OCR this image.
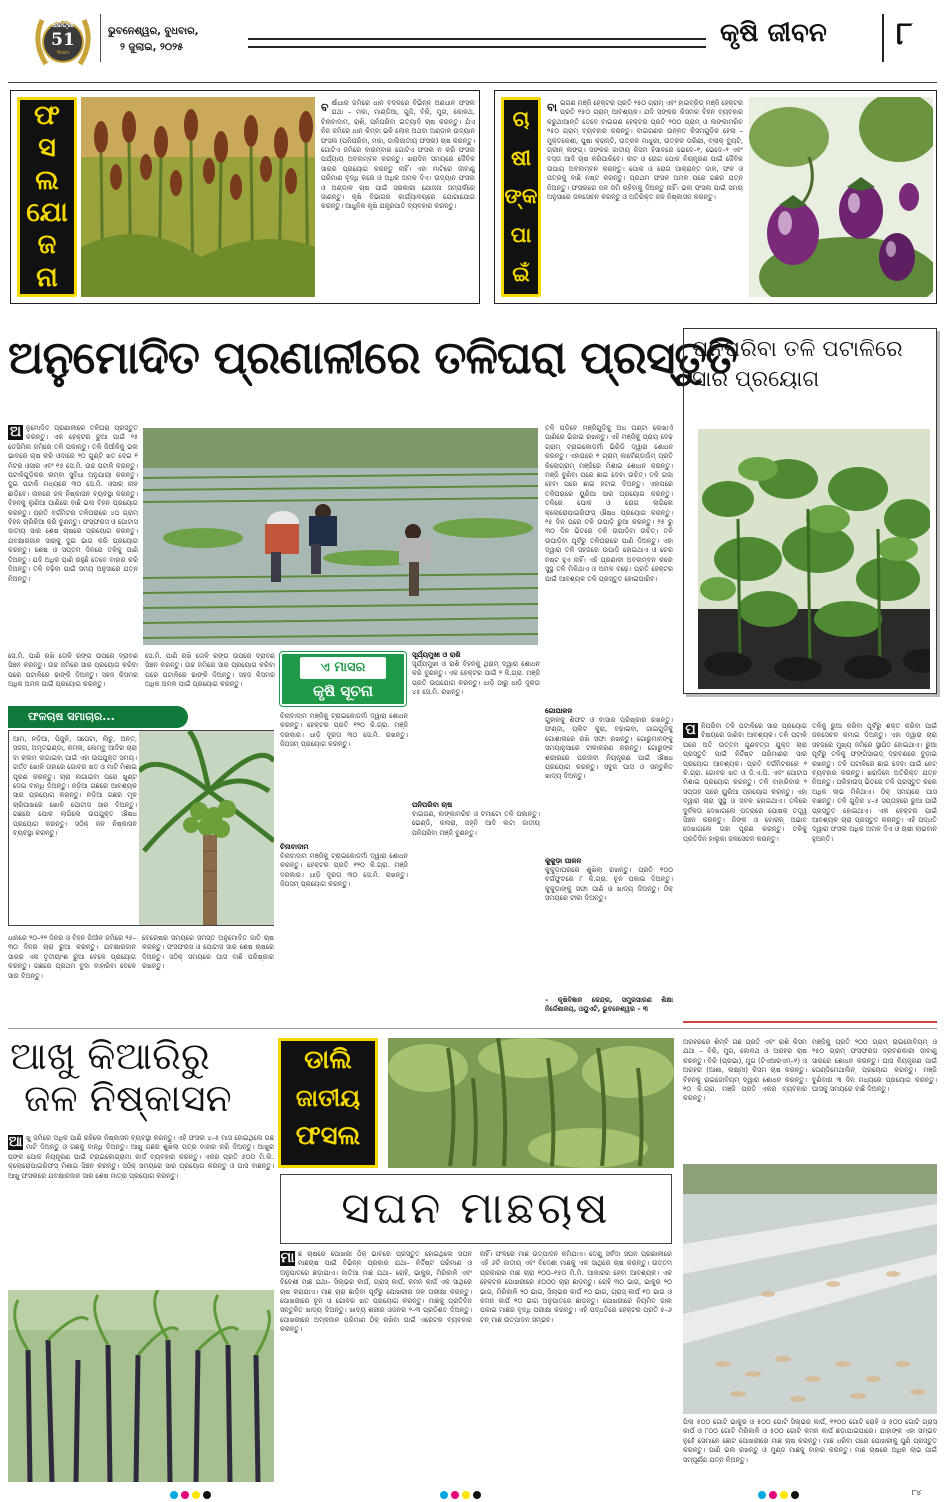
ଧରିତ୍ରୀ
51
Years
ଭୁବନେଶ୍ୱର, ବୁଧବାର,
୨ ଜୁଲାଇ, ୨୦୨୫	କୃଷି ଜୀବନ ୮
ଫ
ସ
ଲ
ଯୋ
ଜ
ନା
ବର୍ଷାଧାର ଜମିରେ ଧାନ ବଦଳରେ ବିଭିନ୍ନ ଅଣଧାନ ଫସଲ ଯଥା – ମକା, ମାଣ୍ଡିଆ, ଗୁଜି, ବିରି, ମୁଗ, କୋଳଥ, ଚିନାବାଦାମ, ରାଶି, ପନିପରିବା ଇତ୍ୟାଦି ଚାଷ କରନ୍ତୁ। ଯିଏ ନିଜ ଜମିରେ ଧାନ କିମ୍ବା ଭଳି ଲୋକ ଅଥବା ଅଣ୍ଡାଳ ଉଦ୍ୟାନ ଫସଲ (ପନିପରିବା, ମକା, ଡାଲିଜାତୀୟ ଫସଲ) ଚାଷ କରନ୍ତୁ। ଗୋଟିଏ ଜମିରେ ବାରମ୍ବାର ଗୋଟିଏ ଫସଲ ନ କରି ଫସଲ ପର୍ଯ୍ୟାୟ ଅବଲମ୍ବନ କରନ୍ତୁ। ଖରାଦିନ ସମୟରେ ଜୈବିକ ସାରର ପ୍ରୟୋଗ କରନ୍ତୁ ନାହିଁ। ଏହା ମାଟିରେ ଜୀବାଣୁ ପରିମାଣ ବୃଦ୍ଧି କରେ ଓ ଅଧିକ ଅମଳ ଦିଏ। ଉଦ୍ୟାନ ଫସଲ ଓ ଅଣ୍ଡାଳ ଚାଷ ପାଇଁ ସରକାରୀ ଯୋଜନା ସମ୍ପର୍କରେ ଜାଣନ୍ତୁ। କୃଷି ବିଭାଗର କାର୍ଯ୍ୟାଳୟରେ ଯୋଗାଯୋଗ କରନ୍ତୁ। ଆଧୁନିକ କୃଷି ଯନ୍ତ୍ରପାତି ବ୍ୟବହାର କରନ୍ତୁ।
ଚା
ଷୀ
ଙ୍କ
ପା
ଇଁ
ବାଇଗଣ ମଞ୍ଜି ହେକ୍ଟର ପ୍ରତି ୨୫୦ ଗ୍ରାମ୍ ଏବଂ ହାଇବ୍ରିଡ୍ ମଞ୍ଜି ହେକ୍ଟର ପ୍ରତି ୧୫୦ ଗ୍ରାମ୍ ଆବଶ୍ୟକ। ଯଦି ସଙ୍କର କିସମର ବିହନ ବ୍ୟବହାର କରୁଥାଆନ୍ତି ତେବେ ବାଇଗଣ ହେକ୍ଟର ପ୍ରତି ୨୦୦ ଗ୍ରାମ୍ ଓ ଲଙ୍କାମରିଚ ୨୫୦ ଗ୍ରାମ୍ ବ୍ୟବହାର କରନ୍ତୁ। ବାଇଗଣର ଉନ୍ନତ କିସମଗୁଡ଼ିକ ହେଲା – ମୁକ୍ତକେଶୀ, ପୁଷା କ୍ରାନ୍ତି, ଉତ୍କଳ ମାଧୁରୀ, ଉତ୍କଳ ତାରିଣୀ, ବ୍ଲାକ୍ ବ୍ୟୁଟି, ଗ୍ରୀନ୍ ଲଙ୍ଗ୍। ସଙ୍କର ଜାତୀୟ କିସମ ହିସାବରେ ଭେଦେ–୧, ଭେଦେ–୨ ଏବଂ ବସ୍ତା ଆଦି ଚାଷ କରିପାରିବେ। କୀଟ ଓ ରୋଗ ପୋକ ନିୟନ୍ତ୍ରଣ ପାଇଁ ଜୈବିକ ଉପାୟ ଅବଲମ୍ବନ କରନ୍ତୁ। ପୋକ ଓ ରୋଗ ଆକ୍ରାନ୍ତ ଡାଳ, ଫଳ ଓ ପତ୍ରକୁ ବାଛି ନଷ୍ଟ କରନ୍ତୁ। ପ୍ରଥମ ଫସଳ ଅମଳ ପରେ ଗଛର ଯତ୍ନ ନିଅନ୍ତୁ। ଫସଲରେ ଜଳ ଜମି ରହିବାକୁ ଦିଅନ୍ତୁ ନାହିଁ। ଭଲ ଫସଲ ପାଇଁ ସମୟ ଅନୁସାରେ ଜଳସେଚନ କରନ୍ତୁ ଓ ଅତିରିକ୍ତ ଜଳ ନିଷ୍କାସନ କରନ୍ତୁ।
ଅନୁମୋଦିତ ପ୍ରଣାଳୀରେ ତଳିଘରା ପ୍ରସ୍ତୁତି
ଅ ନୁମୋଦିତ ପ୍ରଣାଳୀରେ ତଳିଘରା ପ୍ରସ୍ତୁତ କରନ୍ତୁ। ଏକ ହେକ୍ଟର ରୁଆ ପାଇଁ ୨୫ ଡେସିମିଲ ଜମିରେ ତଳି ପକାନ୍ତୁ। ତଳି ଜିଆଁଳିକୁ ଭଲ ଭାବରେ ଚାଷ କରି ଓଦାରେ ୨୦ ଗୁଣ୍ଟି ଖତ ଦେଇ ୧ ମିଟର ଓସାର ଏବଂ ୧୫ ସେ.ମି. ଉଚ୍ଚ ପଟାଳି କରନ୍ତୁ। ପଟାଳିଗୁଡ଼ିକର ଲମ୍ବା ସୁବିଧା ଅନୁଯାୟୀ କରନ୍ତୁ। ଦୁଇ ପଟାଳି ମଧ୍ୟରେ ୩୦ ସେ.ମି. ଓସାର ନାଳ ଛାଡ଼ିବେ। ନାଳରେ ଜଳ ନିଷ୍କାସନ ବ୍ୟବସ୍ଥା କରନ୍ତୁ। ବିହନକୁ ଲୁଣିଆ ପାଣିରେ ବାଛି ଭଲ ବିହନ ପ୍ରୟୋଗ କରନ୍ତୁ। ପ୍ରତି ବର୍ଗମିଟର ତଳିଘରାରେ ୪୦ ଗ୍ରାମ୍ ବିହନ ଚାରିକିଆ କରି ବୁଣନ୍ତୁ। ଫସ୍‌ଫରସ ଓ ପୋଟାସ ଜାତୀୟ ସାର ଶେଷ ଚାଷରେ ପ୍ରୟୋଗ କରନ୍ତୁ। ଯବକ୍ଷାରଜାନ ସାରକୁ ଦୁଇ ଭାଗ କରି ପ୍ରୟୋଗ କରନ୍ତୁ। ଶେଷ ଓ ସପ୍ତମ ଦିନରେ ତଳିକୁ ପାଣି ଦିଅନ୍ତୁ। ଯଦି ଅଧିକ ପାଣି ରହୁଛି ତେବେ ବାହାର କରି ଦିଅନ୍ତୁ। ତଳି ବଢ଼ିବା ପାଇଁ ସମୟ ଅନୁସାରେ ଯତ୍ନ ନିଅନ୍ତୁ।
ସେ.ମି. ପାଣି ରଖି ତୋଳି ରଙ୍ଗ ଉପରେ ଦ୍ରାବଣ ସିଞ୍ଚନ କରନ୍ତୁ। ଉଚ୍ଚ ଜମିରେ ସାର ପ୍ରୟୋଗ କରିବା ପରେ ପଟାଳିରେ ଢାଙ୍କି ଦିଅନ୍ତୁ। ସହଜ କିସମର ଅଧିକ ଅମଳ ପାଇଁ ପ୍ରୟୋଗ କରନ୍ତୁ।
ସେ.ମି. ପାଣି ରଖି ତୋଳି ରଙ୍ଗ ଉପରେ ଦ୍ରାବଣ ସିଞ୍ଚନ କରନ୍ତୁ। ଉଚ୍ଚ ଜମିରେ ସାର ପ୍ରୟୋଗ କରିବା ପରେ ପଟାଳିରେ ଢାଙ୍କି ଦିଅନ୍ତୁ। ସହଜ କିସମର ଅଧିକ ଅମଳ ପାଇଁ ପ୍ରୟୋଗ କରନ୍ତୁ।
ତଳି ପଡ଼ିବେ ମଞ୍ଜିଗୁଡ଼ିକୁ ଅଧ ଘଣ୍ଟା ଲେଖାଏଁ ପାଣିରେ ଭିଜାଇ ରଖନ୍ତୁ। ଏହି ମଞ୍ଜିକୁ ପ୍ରାୟ ଦେଢ଼ ଗ୍ରାମ୍ ଟ୍ରାଇକୋଡର୍ମା ଭିରିଡି ଦ୍ୱାରା ଶୋଧନ କରନ୍ତୁ। ଏହାପରେ ୧ ଗ୍ରାମ୍ କାର୍ବେଣ୍ଡାଜିମ୍ ପ୍ରତି କିଲୋଗ୍ରାମ୍ ମଞ୍ଜିରେ ମିଶାଇ ଶୋଧନ କରନ୍ତୁ। ମଞ୍ଜି ବୁଣିବା ପରେ ଛାଇ ଦେବା ଉଚିତ୍। ତଳି ଗଜା ହେବା ପରେ ଛାଇ ହଟାଇ ଦିଅନ୍ତୁ। ଏହାପରେ ତଳିଘରାରେ ୟୁରିଆ ସାର ପ୍ରୟୋଗ କରନ୍ତୁ। ତଳିରେ ପୋକ ଓ ରୋଗ ଲାଗିଲେ କ୍ଲୋରୋପାଇରିଫସ୍ ଔଷଧ ପ୍ରୟୋଗ କରନ୍ତୁ। ୨୫ ଦିନ ପରେ ତଳି ଉପାଡ଼ି ରୁଆ କରନ୍ତୁ। ୨୫ ରୁ ୩୦ ଦିନ ଭିତରେ ତଳି ଉପାଡ଼ିବା ଉଚିତ୍। ତଳି ଉପାଡ଼ିବା ପୂର୍ବରୁ ତଳିଘରାରେ ପାଣି ଦିଅନ୍ତୁ। ଏହା ଦ୍ୱାରା ତଳି ସହଜରେ ଉପାଡ଼ି ହୋଇଥାଏ ଓ ଚେର ନଷ୍ଟ ହୁଏ ନାହିଁ। ଏହି ପ୍ରଣାଳୀ ଅବଲମ୍ବନ କଲେ ସୁସ୍ଥ ତଳି ମିଳିଥାଏ ଓ ଅମଳ ବଢ଼େ। ପ୍ରତି ହେକ୍ଟର ପାଇଁ ଆବଶ୍ୟକ ତଳି ପ୍ରସ୍ତୁତ ହୋଇପାରିବ।
ଗୋପାଳନ
ଗୁହାଳକୁ ଶିଫଟ ଓ ବାସାର ପରିଷ୍କାର ରଖନ୍ତୁ। ଫଣ୍ଡା, ପ୍ଲିଟ କୁରା, ବଢ଼ାଇବା, ଗାଇଗୁଡ଼ିକୁ ଗୋଶାଳାରେ ରଖି ସଫା ରଖନ୍ତୁ। ଗୋରୁମାନଙ୍କୁ ସମୟାନୁସାରେ ଟୀକାକରଣ କରନ୍ତୁ। ଗୋରୁଙ୍କ ଶରୀରରେ ପରଜୀବୀ ନିୟନ୍ତ୍ରଣ ପାଇଁ ଔଷଧ ପ୍ରୟୋଗ କରନ୍ତୁ। ସବୁଜ ଘାସ ଓ ସନ୍ତୁଳିତ ଖାଦ୍ୟ ଦିଅନ୍ତୁ।
କୁକୁଡ଼ା ପାଳନ
କୁକୁଡ଼ାଘରରେ ଶୁଖିଲା ରଖନ୍ତୁ। ପ୍ରତି ୧୦୦ ବର୍ଗଫୁଟରେ ୮ କି.ଗ୍ରା. ଚୂନ ପକାଇ ଦିଅନ୍ତୁ। କୁକୁଡ଼ାଙ୍କୁ ସଫା ପାଣି ଓ ଖାଦ୍ୟ ଦିଅନ୍ତୁ। ଠିକ୍ ସମୟରେ ଟୀକା ଦିଅନ୍ତୁ।
– କୃଷିବିଜ୍ଞାନ କେନ୍ଦ୍ର, ସମ୍ପ୍ରସାରଣ ଶିକ୍ଷା ନିର୍ଦ୍ଦେଶାଳୟ, ଓୟୁଏଟି, ଭୁବନେଶ୍ୱର – ୩
ଏ ମାସର
କୃଷି ସୂଚନା
ସୂର୍ଯ୍ୟମୁଖୀ ଓ ରାଶି
ସୂର୍ଯ୍ୟମୁଖୀ ଓ ରାଶି ବିହନକୁ ଥିରାମ୍ ଦ୍ୱାରା ଶୋଧନ କରି ବୁଣନ୍ତୁ। ଏକ ହେକ୍ଟର ପାଇଁ ୨ କି.ଗ୍ରା. ମଞ୍ଜି ପ୍ରତି ଉପଯୋଗ କରନ୍ତୁ। ଧାଡ଼ି ଠାରୁ ଧାଡ଼ି ଦୂରତା ୪୫ ସେ.ମି. ରଖନ୍ତୁ।
ପନିପରିବା ଚାଷ
ବାଇଗଣ, ଲଙ୍କାମରିଚ ଓ ଟମାଟୋ ତଳି ପକାନ୍ତୁ। ଭେଣ୍ଡି, କଲରା, ଜହ୍ନି ଆଦି ଲଟା ଜାତୀୟ ପନିପରିବା ମଞ୍ଜି ବୁଣନ୍ତୁ।
ଚିନାବାଦାମ ମଞ୍ଜିକୁ ଟ୍ରାଇକୋଡର୍ମା ଦ୍ୱାରା ଶୋଧନ କରନ୍ତୁ। ହେକ୍ଟର ପ୍ରତି ୧୨୦ କି.ଗ୍ରା. ମଞ୍ଜି ଦରକାର। ଧାଡ଼ି ଦୂରତା ୩୦ ସେ.ମି. ରଖନ୍ତୁ। ଜିପସମ୍ ପ୍ରୟୋଗ କରନ୍ତୁ।
ଚିନାବାଦାମ
ଚିନାବାଦାମ ମଞ୍ଜିକୁ ଟ୍ରାଇକୋଡର୍ମା ଦ୍ୱାରା ଶୋଧନ କରନ୍ତୁ। ହେକ୍ଟର ପ୍ରତି ୧୨୦ କି.ଗ୍ରା. ମଞ୍ଜି ଦରକାର। ଧାଡ଼ି ଦୂରତା ୩୦ ସେ.ମି. ରଖନ୍ତୁ। ଜିପସମ୍ ପ୍ରୟୋଗ କରନ୍ତୁ।
ଫଳଚାଷ ସମାଚାର...
ଆମ, ନଡ଼ିଆ, ପିଜୁଳି, ସପେଟା, ଲିଚୁ, ଅନ୍ତ, ସଜନା, ଅମୃତଭଣ୍ଡା, କମଳା, ଲେମ୍ବୁ ଆଦିର ଚାରା ବା କଲମ ଲଗାଇବା ପାଇଁ ଏହା ଉପଯୁକ୍ତ ସମୟ। ଗର୍ତ୍ତ ଖୋଳି ତାହାରେ ଗୋବର ଖତ ଓ ମାଟି ମିଶାଇ ପୂରଣ କରନ୍ତୁ। ଚାରା ଲଗାଇବା ପରେ ଖୁଣ୍ଟ ଦେଇ ବାନ୍ଧି ଦିଅନ୍ତୁ। ନଡ଼ିଆ ଗଛରେ ଆବଶ୍ୟକ ସାର ପ୍ରୟୋଗ କରନ୍ତୁ। ନଡ଼ିଆ ଗଛର ମୂଳ ଚାରିପାଖରେ ଖୋଳି ପୋଟାସ ସାର ଦିଅନ୍ତୁ। ଗଛରେ ପୋକ ଲାଗିଲେ ଉପଯୁକ୍ତ ଔଷଧ ପ୍ରୟୋଗ କରନ୍ତୁ। ସଠିକ୍ ଜଳ ନିଷ୍କାସନ ବ୍ୟବସ୍ଥା କରନ୍ତୁ।
ଧାନରେ ୨୦–୨୨ ଦିନର ଓ ବିହନ ଜିଆଁଳ ଜମିରେ ୨୫–୩୦ ଦିନର ଚାରା ରୁଆ କରନ୍ତୁ। ଯବକ୍ଷାରଜାନ ସାରର ଏକ ତୃତୀୟାଂଶ ରୁଆ ବେଳେ ପ୍ରୟୋଗ କରନ୍ତୁ। ଗଛରେ ପ୍ରଥମ ବୁଦା ବାହାରିବା ବେଳେ ସାର ଦିଅନ୍ତୁ।
ବେରେଷର ସମୟରେ ସମସ୍ତ ଅନୁମୋଦିତ ଜାତି ଚାଷ କରନ୍ତୁ। ଫସଫରସ ଓ ପୋଟାସ ସାର ଶେଷ ଚାଷରେ ଦିଅନ୍ତୁ। ସଠିକ୍ ସମୟରେ ଘାସ ବାଛି ପରିଷ୍କାର ରଖନ୍ତୁ।
ପନିପରିବା ତଳି ପଟାଳିରେ
ସାର ପ୍ରୟୋଗ
ପ ନିପରିବା ତଳି ପଟାଳିରେ ସାର ପ୍ରୟୋଗ ବିଷୟରେ ଜାଣିବା ଆବଶ୍ୟକ। ତଳି ପଟାଳି ଘରେ ଅତି ଉତ୍ତମ ଗୁଣବତ୍ତା ଯୁକ୍ତ ଚାରା ପ୍ରସ୍ତୁତି ପାଇଁ ନିର୍ଦ୍ଦିଷ୍ଟ ପରିମାଣର ସାର ପ୍ରୟୋଗ ଆବଶ୍ୟକ। ପ୍ରତି ବର୍ଗମିଟରରେ ୨ କି.ଗ୍ରା. ଗୋବର ଖତ ଓ ଡି.ଏ.ପି. ଏବଂ ପୋଟାସ ମିଶାଇ ପ୍ରୟୋଗ କରନ୍ତୁ। ତଳି ବାହାରିବାର ୨ ସପ୍ତାହ ପରେ ୟୁରିଆ ପ୍ରୟୋଗ କରନ୍ତୁ। ଏହା ଦ୍ୱାରା ଚାରା ସୁସ୍ଥ ଓ ସବଳ ହୋଇଥାଏ। ତଳିରେ ଦୁର୍ବଳତା ଦେଖାଗଲେ ପତ୍ରରେ ପୋଷକ ତତ୍ତ୍ୱ ସିଞ୍ଚନ କରନ୍ତୁ। ଜିଙ୍କ ଓ ବୋରନ୍ ଅଭାବ ଦେଖାଗଲେ ତାହା ପୂରଣ କରନ୍ତୁ। ତଳିକୁ ପ୍ରତିଦିନ ହାଲୁକା ଜଳସେଚନ କରନ୍ତୁ।
ତଳିକୁ ରୁଆ କରିବା ପୂର୍ବରୁ ଶକ୍ତ କରିବା ପାଇଁ ଜଳସେଚନ କମାଇ ଦିଅନ୍ତୁ। ଏହା ଦ୍ୱାରା ଚାରା ସହଜରେ ମୁଖ୍ୟ ଜମିରେ ସ୍ଥାପିତ ହୋଇଥାଏ। ରୁଆ ପୂର୍ବରୁ ତଳିକୁ ଫଙ୍ଗିସାଇଡ୍ ଦ୍ରବଣରେ ବୁଡ଼ାଇ ରଖନ୍ତୁ। ତଳି ପଟାଳିରେ ଛାଇ ଦେବା ପାଇଁ ନେଟ୍ ବ୍ୟବହାର କରନ୍ତୁ। ଖରାଦିନେ ଅତିରିକ୍ତ ଯତ୍ନ ନିଅନ୍ତୁ। ପଲିହାଉସ୍ ଭିତରେ ତଳି ପ୍ରସ୍ତୁତ କଲେ ଅଧିକ ଲାଭ ମିଳିଥାଏ। ଠିକ୍ ସମୟରେ ଘାସ ବାଛନ୍ତୁ। ତଳି ଗୁଡ଼ିକ ୪–୫ ସପ୍ତାହରେ ରୁଆ ପାଇଁ ପ୍ରସ୍ତୁତ ହୋଇଥାଏ। ଏକ ହେକ୍ଟର ପାଇଁ ଆବଶ୍ୟକ ଚାରା ପ୍ରସ୍ତୁତ କରନ୍ତୁ। ଏହି ପଦ୍ଧତି ଦ୍ୱାରା ଫସଲ ଅଧିକ ଅମଳ ଦିଏ ଓ ଚାଷୀ ଲାଭବାନ ହୁଅନ୍ତି।
ଆଖୁ କିଆରିରୁ
ଜଳ ନିଷ୍କାସନ
ଆ ଖୁ ଜମିରେ ଅଧିକ ପାଣି ରହିଲେ ନିଷ୍କାସନ ବ୍ୟବସ୍ଥା କରନ୍ତୁ। ଏହି ଫସଲ ୪–୫ ମାସ ହୋଇଥିଲେ ଗଛ ମାଟି ଦିଅନ୍ତୁ ଓ ଗଛକୁ ବାନ୍ଧି ଦିଅନ୍ତୁ। ଆଖୁ ଗଛର ଶୁଖିଲା ପତ୍ର ବାହାର କରି ଦିଅନ୍ତୁ। ଆଖୁର ପଙ୍କ ପୋକ ନିୟନ୍ତ୍ରଣ ପାଇଁ ଟ୍ରାଇକୋଗ୍ରାମା କାର୍ଡ ବ୍ୟବହାର କରନ୍ତୁ। ଏକର ପ୍ରତି ୫୦୦ ମି.ଲି. କ୍ଲୋରୋପାଇରିଫସ୍ ମିଶାଇ ସିଞ୍ଚନ କରନ୍ତୁ। ସଠିକ୍ ସମୟରେ ସାର ପ୍ରୟୋଗ କରନ୍ତୁ ଓ ଘାସ ବାଛନ୍ତୁ। ଆଖୁ ଫସଲରେ ଯବକ୍ଷାରଜାନ ସାର ଶେଷ ମାତ୍ରା ପ୍ରୟୋଗ କରନ୍ତୁ।
ଡାଲି
ଜାତୀୟ
ଫସଲ
ଅରହରରେ ଶିମ୍ବି ଗଛ ପ୍ରତି ଏବଂ ରାଶି କିସମ ଯଥା – ବିରି, ମୁଗ, କୋଳଥ ଓ ଅରହର ଚାଷ କରନ୍ତୁ। ବିରି (ପ୍ରଭା), ମୁଗ (ଟିଏଆରଏମ୍–୧) ଓ ଅରହର (ଆଶା, ଲକ୍ଷ୍ମୀ) କିସମ ଚାଷ କରନ୍ତୁ। ବିହନକୁ ରାଇଜୋବିୟମ୍ ଦ୍ୱାରା ଶୋଧନ କରନ୍ତୁ। ୧୦ କି.ଗ୍ରା. ମଞ୍ଜି ପ୍ରତି ଏକର ବ୍ୟବହାର କରନ୍ତୁ।
ମଞ୍ଜିକୁ ପ୍ରତି ୨୦୦ ଗ୍ରାମ୍ ରାଇଜୋବିୟମ୍ ଓ ୨୫୦ ଗ୍ରାମ୍ ଫସଫରସ ଦ୍ରବଣକାରୀ ଜୀବାଣୁ ସାରରେ ଶୋଧନ କରନ୍ତୁ। ଘାସ ନିୟନ୍ତ୍ରଣ ପାଇଁ ପେଣ୍ଡିମେଥାଲିନ୍ ପ୍ରୟୋଗ କରନ୍ତୁ। ମଞ୍ଜି ବୁଣିବାର ୩ ଦିନ ମଧ୍ୟରେ ପ୍ରୟୋଗ କରନ୍ତୁ। ଘାସକୁ ସମୟରେ ବାଛି ଦିଅନ୍ତୁ।
ସଘନ ମାଛଚାଷ
ମା ଛ ଚାଷରେ ପୋଖରୀ ଠିକ୍ ଭାବରେ ପ୍ରସ୍ତୁତ ହୋଇଥିଲେ ସଘନ ମାଛଚାଷ ପାଇଁ ବିଭିନ୍ନ ପ୍ରକାର ଯଥା– ନିର୍ଦ୍ଦିଷ୍ଟ ପରିମାଣ ଓ ଅନୁପାତରେ ଛଡ଼ାଯାଏ। ଜାତିଆ ମାଛ ଯଥା– ରୋହି, ଭାକୁର, ମିରିକାଳି ଏବଂ ବିଦେଶୀ ମାଛ ଯଥା– ସିଲ୍ଭର କାର୍ପ, ଗ୍ରାସ୍ କାର୍ପ, କମନ କାର୍ପ ଏକ ସାଥିରେ ଚାଷ କରାଯାଏ। ମାଛ ଚାରା ଛାଡ଼ିବା ପୂର୍ବରୁ ପୋଖରୀର ଜଳ ପରୀକ୍ଷା କରନ୍ତୁ। ପୋଖରୀରେ ଚୂନ ଓ ଗୋବର ଖତ ପ୍ରୟୋଗ କରନ୍ତୁ। ମାଛକୁ ପ୍ରତିଦିନ ସନ୍ତୁଳିତ ଖାଦ୍ୟ ଦିଅନ୍ତୁ। ଖାଦ୍ୟ ଶରୀର ଓଜନର ୨–୩ ପ୍ରତିଶତ ଦିଅନ୍ତୁ। ପୋଖରୀରେ ଅମ୍ଳଜାନ ପରିମାଣ ଠିକ୍ ରଖିବା ପାଇଁ ଏରେଟର ବ୍ୟବହାର କରନ୍ତୁ।
ନାହିଁ। ଫଳରେ ମାଛ ଉତ୍ପାଦନ କମିଯାଏ। ତେଣୁ ସର୍ବଦା ସଘନ ପ୍ରଣାଳୀରେ ଏହି ୬ଟି ଜାତୀୟ ଏବଂ ବିଦେଶୀ ମାଛକୁ ଏକ ସାଥିରେ ଚାଷ କରନ୍ତୁ। ଉତ୍ତମ ପ୍ରକାରର ମାଛ ଚାରା ୧୦୦–୧୫୦ ମି.ମି. ଆକାରର ହେବା ଆବଶ୍ୟକ। ଏକ ହେକ୍ଟର ପୋଖରୀରେ ୫୦୦୦ ଚାରା ଛାଡ଼ନ୍ତୁ। ରୋହି ୩୦ ଭାଗ, ଭାକୁର ୨୦ ଭାଗ, ମିରିକାଳି ୨୦ ଭାଗ, ସିଲ୍ଭର କାର୍ପ ୧୦ ଭାଗ, ଗ୍ରାସ୍ କାର୍ପ ୧୦ ଭାଗ ଓ କମନ କାର୍ପ ୧୦ ଭାଗ ଅନୁପାତରେ ଛାଡ଼ନ୍ତୁ। ପୋଖରୀରେ ନିୟମିତ ଜାଲ ପକାଇ ମାଛର ବୃଦ୍ଧି ପରୀକ୍ଷା କରନ୍ତୁ। ଏହି ପଦ୍ଧତିରେ ହେକ୍ଟର ପ୍ରତି ୫–୬ ଟନ୍ ମାଛ ଉତ୍ପାଦନ ସମ୍ଭବ।
ପିଲା ୫୦୦ ଗୋଟି ଭାକୁର ଓ ୫୦୦ ଗୋଟି ସିଲ୍ଭର କାର୍ପ, ୧୨୦୦ ଗୋଟି ରୋହି ଓ ୫୦୦ ଗୋଟି ଗ୍ରାସ୍ କାର୍ପ ଓ ୮୦୦ ଗୋଟି ମିରିକାଳି ଓ ୫୦୦ ଗୋଟି କମନ କାର୍ପ ଛଡ଼ାଯାଇପାରେ। ଯାହାଙ୍କ ଏହା ସମ୍ଭବ ନୁହେଁ ସେମାନେ ଛୋଟ ପୋଖରୀରେ ମାଛ ଚାଷ କରନ୍ତୁ। ମାଛ ଧରିବା ପରେ ପୋଖରୀକୁ ପୁଣି ପ୍ରସ୍ତୁତ କରନ୍ତୁ। ପାଣି ଭଲ ରଖନ୍ତୁ ଓ ମୁଣ୍ଡ ମାଛକୁ ବାହାର କରନ୍ତୁ। ମାଛ ଚାଷରେ ଅଧିକ ଲାଭ ପାଇଁ ସମ୍ପୂର୍ଣ୍ଣ ଯତ୍ନ ନିଅନ୍ତୁ।
୮୪
